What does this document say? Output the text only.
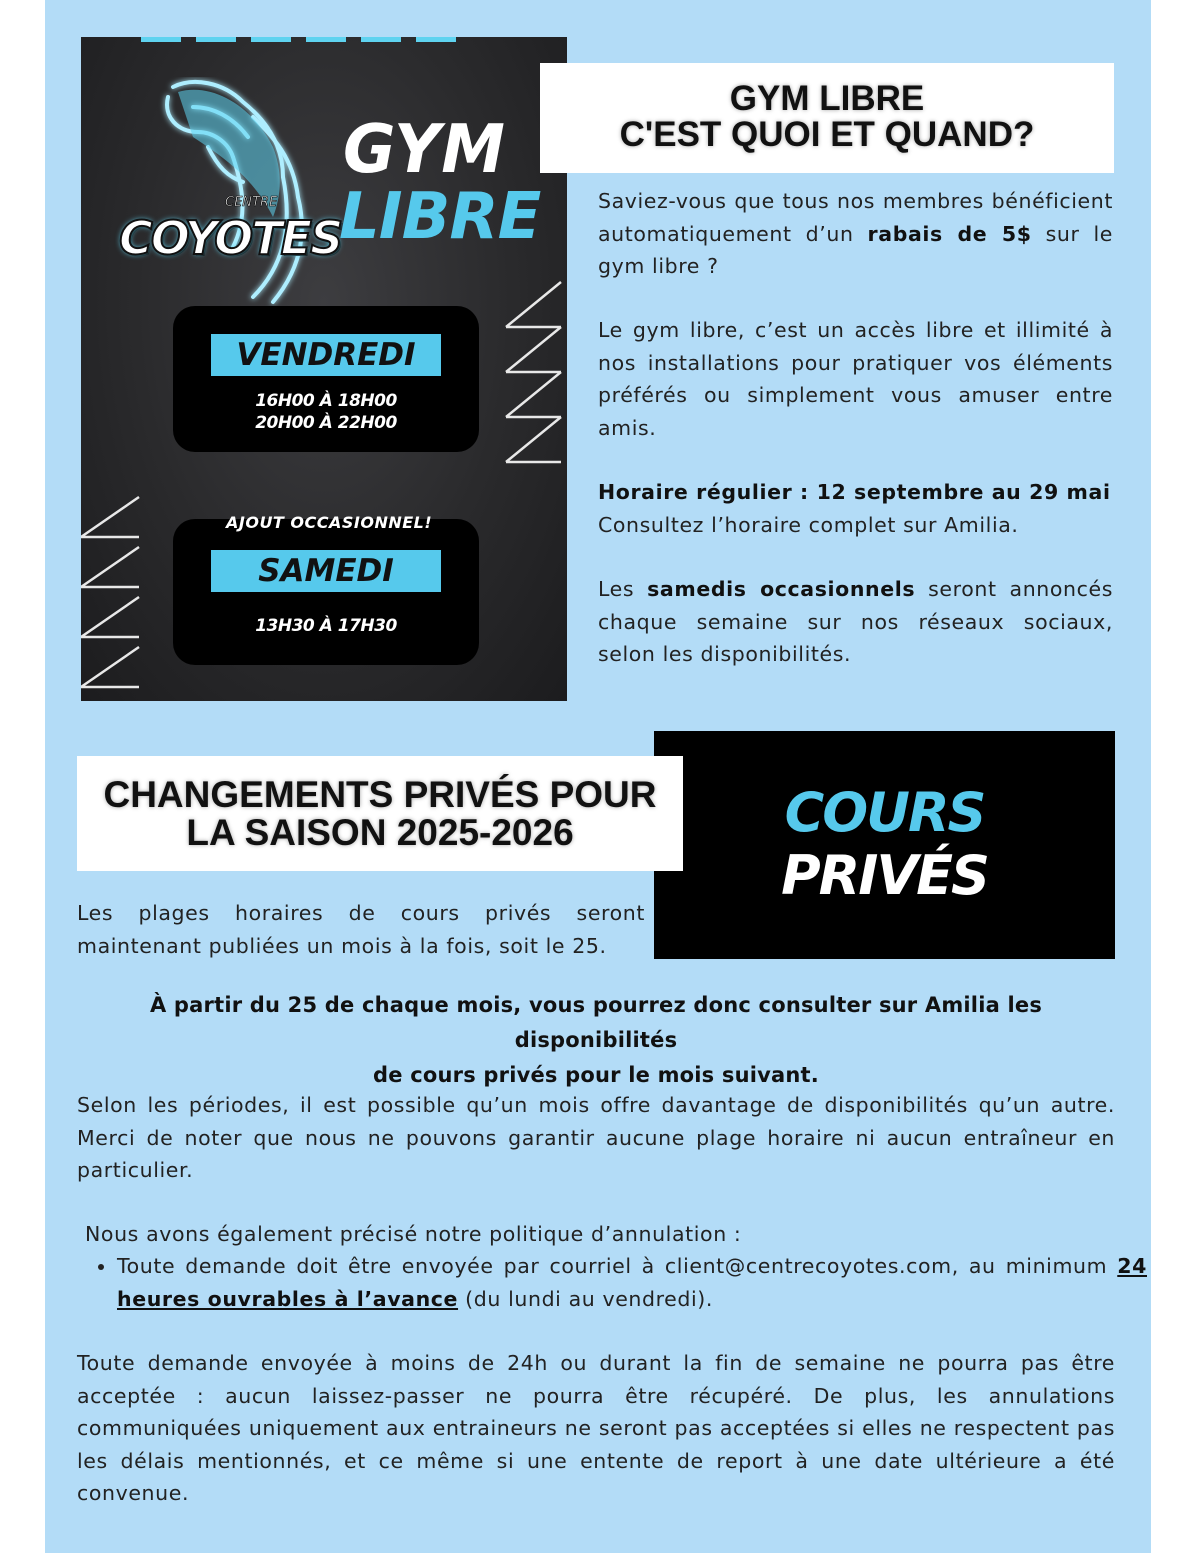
CENTRE
COYOTES
GYM
LIBRE
VENDREDI
16H00 À 18H00
20H00 À 22H00
SAMEDI
13H30 À 17H30
AJOUT OCCASIONNEL!
GYM LIBRE
C'EST QUOI ET QUAND?

Saviez-vous que tous nos membres bénéficient automatiquement d’un rabais de 5$ sur le gym libre ?

Le gym libre, c’est un accès libre et illimité à nos installations pour pratiquer vos éléments préférés ou simplement vous amuser entre amis.

Horaire régulier : 12 septembre au 29 mai
Consultez l’horaire complet sur Amilia.

Les samedis occasionnels seront annoncés chaque semaine sur nos réseaux sociaux, selon les disponibilités.

COURS
PRIVÉS
CHANGEMENTS PRIVÉS POUR
LA SAISON 2025-2026

Les plages horaires de cours privés seront maintenant publiées un mois à la fois, soit le 25.

À partir du 25 de chaque mois, vous pourrez donc consulter sur Amilia les disponibilités
de cours privés pour le mois suivant.

Selon les périodes, il est possible qu’un mois offre davantage de disponibilités qu’un autre. Merci de noter que nous ne pouvons garantir aucune plage horaire ni aucun entraîneur en particulier.

Nous avons également précisé notre politique d’annulation :

• Toute demande doit être envoyée par courriel à client@centrecoyotes.com, au minimum 24 heures ouvrables à l’avance (du lundi au vendredi).

Toute demande envoyée à moins de 24h ou durant la fin de semaine ne pourra pas être acceptée : aucun laissez-passer ne pourra être récupéré. De plus, les annulations communiquées uniquement aux entraineurs ne seront pas acceptées si elles ne respectent pas les délais mentionnés, et ce même si une entente de report à une date ultérieure a été convenue.
